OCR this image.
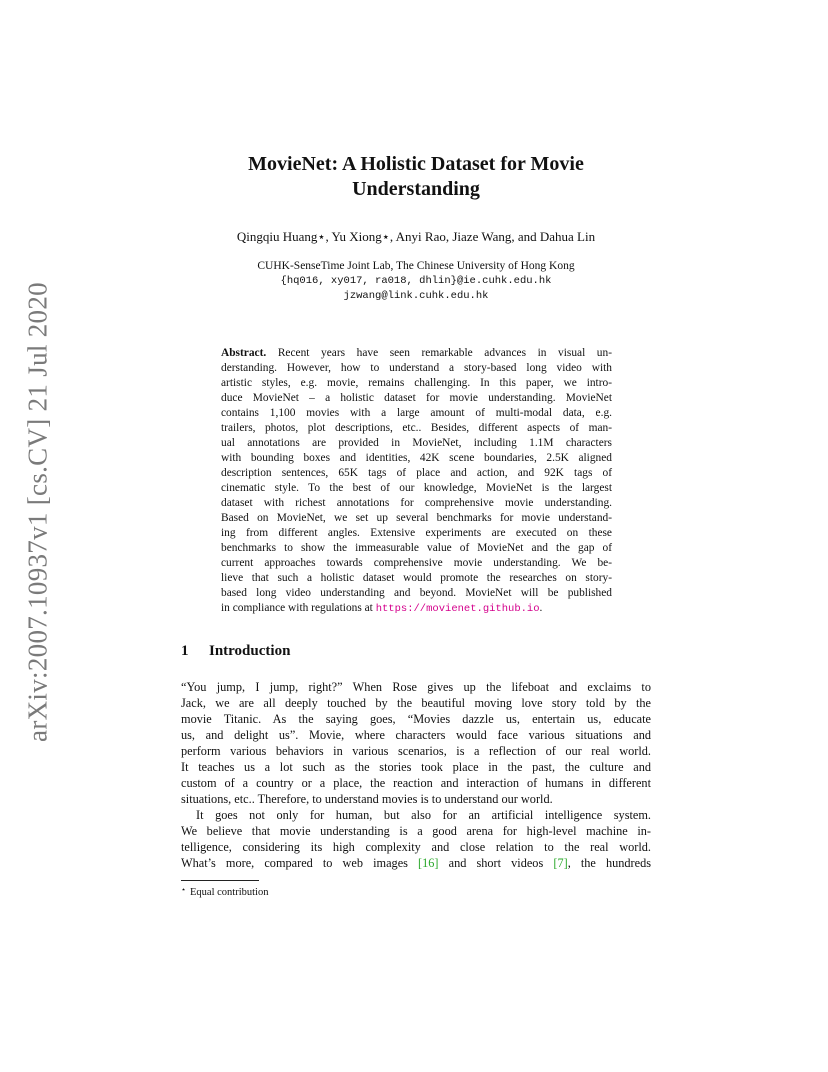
arXiv:2007.10937v1 [cs.CV] 21 Jul 2020
MovieNet: A Holistic Dataset for Movie
Understanding
Qingqiu Huang⋆, Yu Xiong⋆, Anyi Rao, Jiaze Wang, and Dahua Lin
CUHK-SenseTime Joint Lab, The Chinese University of Hong Kong
{hq016, xy017, ra018, dhlin}@ie.cuhk.edu.hk
jzwang@link.cuhk.edu.hk
Abstract. Recent years have seen remarkable advances in visual un-
derstanding. However, how to understand a story-based long video with
artistic styles, e.g. movie, remains challenging. In this paper, we intro-
duce MovieNet – a holistic dataset for movie understanding. MovieNet
contains 1,100 movies with a large amount of multi-modal data, e.g.
trailers, photos, plot descriptions, etc.. Besides, different aspects of man-
ual annotations are provided in MovieNet, including 1.1M characters
with bounding boxes and identities, 42K scene boundaries, 2.5K aligned
description sentences, 65K tags of place and action, and 92K tags of
cinematic style. To the best of our knowledge, MovieNet is the largest
dataset with richest annotations for comprehensive movie understanding.
Based on MovieNet, we set up several benchmarks for movie understand-
ing from different angles. Extensive experiments are executed on these
benchmarks to show the immeasurable value of MovieNet and the gap of
current approaches towards comprehensive movie understanding. We be-
lieve that such a holistic dataset would promote the researches on story-
based long video understanding and beyond. MovieNet will be published
in compliance with regulations at https://movienet.github.io.
1 Introduction
“You jump, I jump, right?” When Rose gives up the lifeboat and exclaims to
Jack, we are all deeply touched by the beautiful moving love story told by the
movie Titanic. As the saying goes, “Movies dazzle us, entertain us, educate
us, and delight us”. Movie, where characters would face various situations and
perform various behaviors in various scenarios, is a reflection of our real world.
It teaches us a lot such as the stories took place in the past, the culture and
custom of a country or a place, the reaction and interaction of humans in different
situations, etc.. Therefore, to understand movies is to understand our world.
It goes not only for human, but also for an artificial intelligence system.
We believe that movie understanding is a good arena for high-level machine in-
telligence, considering its high complexity and close relation to the real world.
What’s more, compared to web images [16] and short videos [7], the hundreds
⋆ Equal contribution
